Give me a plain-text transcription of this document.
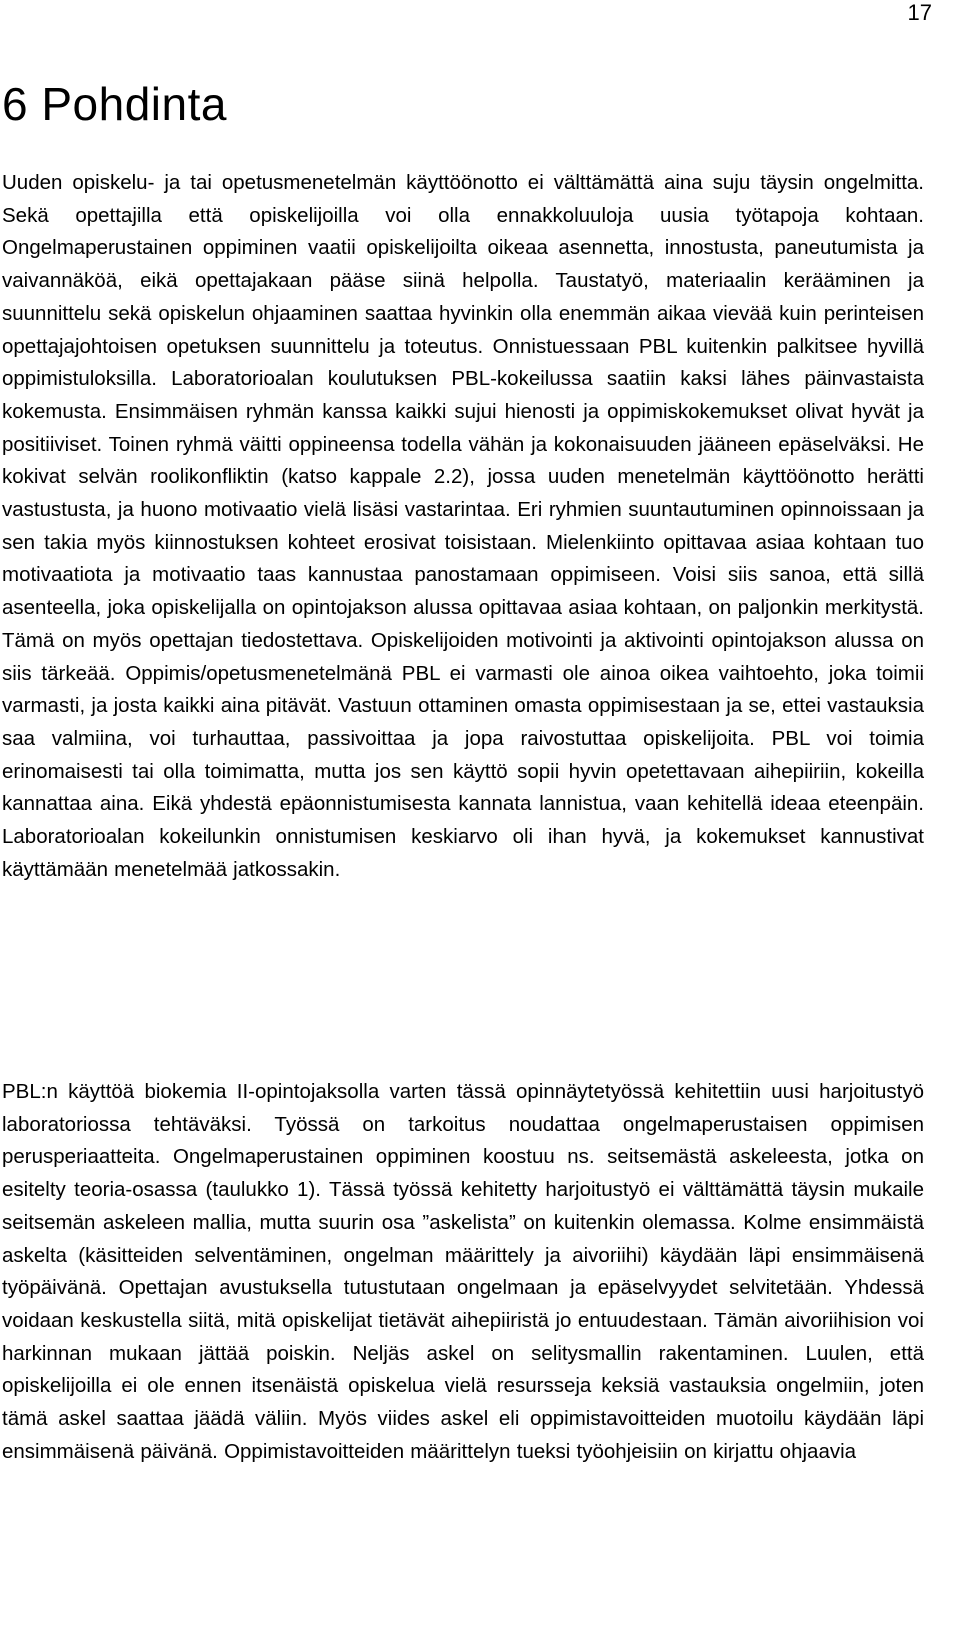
17
6 Pohdinta

Uuden opiskelu- ja tai opetusmenetelmän käyttöönotto ei välttämättä aina suju täysin ongelmitta. Sekä opettajilla että opiskelijoilla voi olla ennakkoluuloja uusia työtapoja kohtaan. Ongelmaperustainen oppiminen vaatii opiskelijoilta oikeaa asennetta, innostusta, paneutumista ja vaivannäköä, eikä opettajakaan pääse siinä helpolla. Taustatyö, materiaalin kerääminen ja suunnittelu sekä opiskelun ohjaaminen saattaa hyvinkin olla enemmän aikaa vievää kuin perinteisen opettajajohtoisen opetuksen suunnittelu ja toteutus. Onnistuessaan PBL kuitenkin palkitsee hyvillä oppimistuloksilla. Laboratorioalan koulutuksen PBL-kokeilussa saatiin kaksi lähes päinvastaista kokemusta. Ensimmäisen ryhmän kanssa kaikki sujui hienosti ja oppimiskokemukset olivat hyvät ja positiiviset. Toinen ryhmä väitti oppineensa todella vähän ja kokonaisuuden jääneen epäselväksi. He kokivat selvän roolikonfliktin (katso kappale 2.2), jossa uuden menetelmän käyttöönotto herätti vastustusta, ja huono motivaatio vielä lisäsi vastarintaa. Eri ryhmien suuntautuminen opinnoissaan ja sen takia myös kiinnostuksen kohteet erosivat toisistaan. Mielenkiinto opittavaa asiaa kohtaan tuo motivaatiota ja motivaatio taas kannustaa panostamaan oppimiseen. Voisi siis sanoa, että sillä asenteella, joka opiskelijalla on opintojakson alussa opittavaa asiaa kohtaan, on paljonkin merkitystä. Tämä on myös opettajan tiedostettava. Opiskelijoiden motivointi ja aktivointi opintojakson alussa on siis tärkeää. Oppimis/opetusmenetelmänä PBL ei varmasti ole ainoa oikea vaihtoehto, joka toimii varmasti, ja josta kaikki aina pitävät. Vastuun ottaminen omasta oppimisestaan ja se, ettei vastauksia saa valmiina, voi turhauttaa, passivoittaa ja jopa raivostuttaa opiskelijoita. PBL voi toimia erinomaisesti tai olla toimimatta, mutta jos sen käyttö sopii hyvin opetettavaan aihepiiriin, kokeilla kannattaa aina. Eikä yhdestä epäonnistumisesta kannata lannistua, vaan kehitellä ideaa eteenpäin. Laboratorioalan kokeilunkin onnistumisen keskiarvo oli ihan hyvä, ja kokemukset kannustivat käyttämään menetelmää jatkossakin.

PBL:n käyttöä biokemia II-opintojaksolla varten tässä opinnäytetyössä kehitettiin uusi harjoitustyö laboratoriossa tehtäväksi. Työssä on tarkoitus noudattaa ongelmaperustaisen oppimisen perusperiaatteita. Ongelmaperustainen oppiminen koostuu ns. seitsemästä askeleesta, jotka on esitelty teoria-osassa (taulukko 1). Tässä työssä kehitetty harjoitustyö ei välttämättä täysin mukaile seitsemän askeleen mallia, mutta suurin osa ”askelista” on kuitenkin olemassa. Kolme ensimmäistä askelta (käsitteiden selventäminen, ongelman määrittely ja aivoriihi) käydään läpi ensimmäisenä työpäivänä. Opettajan avustuksella tutustutaan ongelmaan ja epäselvyydet selvitetään. Yhdessä voidaan keskustella siitä, mitä opiskelijat tietävät aihepiiristä jo entuudestaan. Tämän aivoriihision voi harkinnan mukaan jättää poiskin. Neljäs askel on selitysmallin rakentaminen. Luulen, että opiskelijoilla ei ole ennen itsenäistä opiskelua vielä resursseja keksiä vastauksia ongelmiin, joten tämä askel saattaa jäädä väliin. Myös viides askel eli oppimistavoitteiden muotoilu käydään läpi ensimmäisenä päivänä. Oppimistavoitteiden määrittelyn tueksi työohjeisiin on kirjattu ohjaavia
